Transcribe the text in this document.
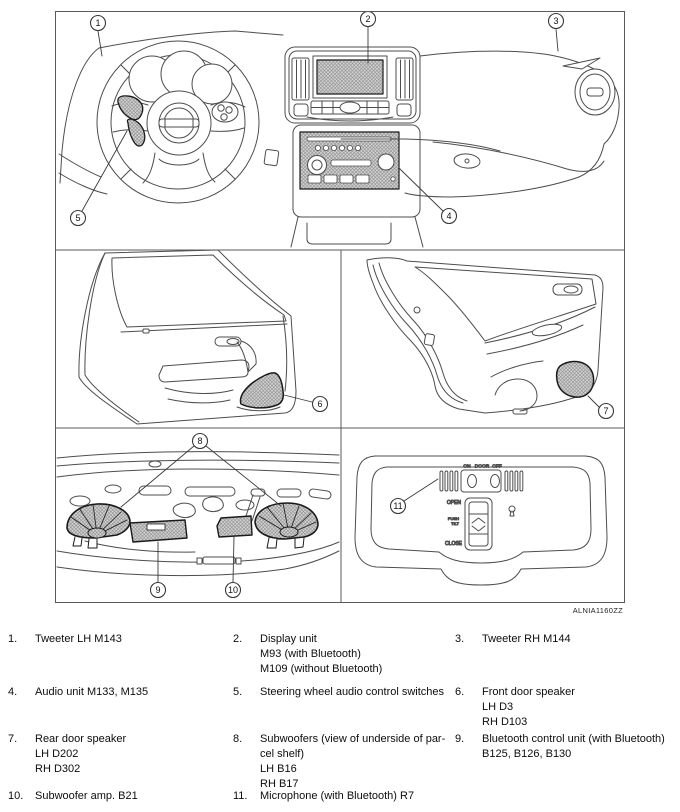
1	2	3
4
5
6
7
8
9	10
ON DOOR OFF
OPEN
PUSH
TILT
CLOSE
11
ALNIA1160ZZ
1.	Tweeter LH M143	2.	Display unit
M93 (with Bluetooth)
M109 (without Bluetooth)
3.	Tweeter RH M144
4.	Audio unit M133, M135	5.	Steering wheel audio control switches 6.	Front door speaker
LH D3
RH D103
7.	Rear door speaker
LH D202
RH D302
8.	Subwoofers (view of underside of par-
cel shelf)
LH B16
RH B17
9.	Bluetooth control unit (with Bluetooth)
B125, B126, B130
10.	Subwoofer amp. B21	11.	Microphone (with Bluetooth) R7
